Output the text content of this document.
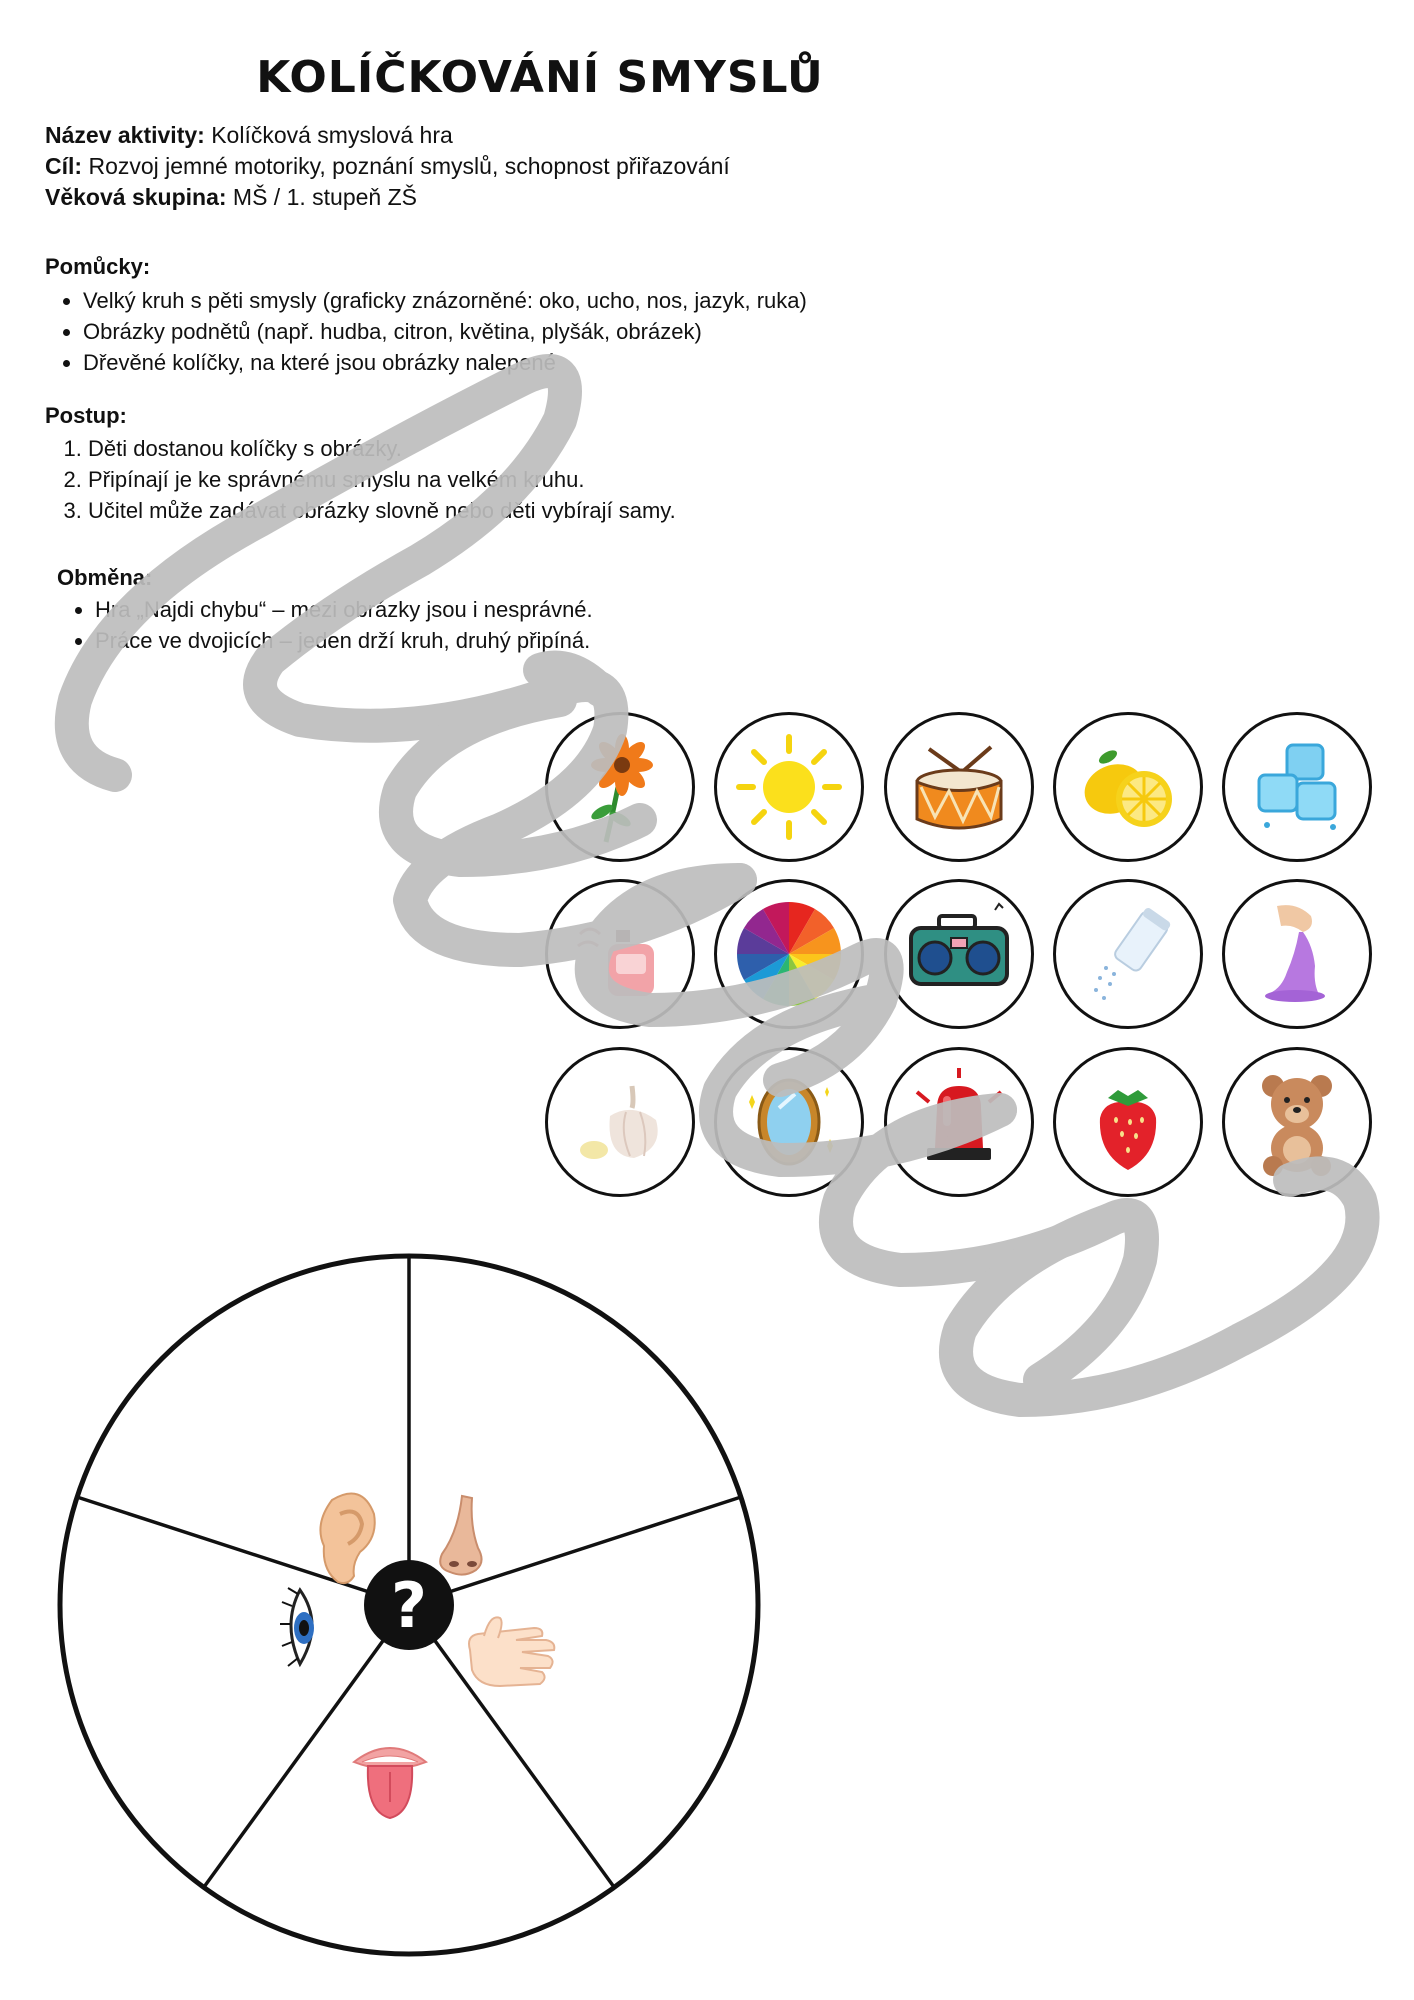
KOLÍČKOVÁNÍ SMYSLŮ
Název aktivity: Kolíčková smyslová hra
Cíl: Rozvoj jemné motoriky, poznání smyslů, schopnost přiřazování
Věková skupina: MŠ / 1. stupeň ZŠ
Pomůcky:
• Velký kruh s pěti smysly (graficky znázorněné: oko, ucho, nos, jazyk, ruka)
• Obrázky podnětů (např. hudba, citron, květina, plyšák, obrázek)
• Dřevěné kolíčky, na které jsou obrázky nalepené
Postup:
1. Děti dostanou kolíčky s obrázky.
2. Připínají je ke správnému smyslu na velkém kruhu.
3. Učitel může zadávat obrázky slovně nebo děti vybírají samy.
Obměna:
• Hra „Najdi chybu“ – mezi obrázky jsou i nesprávné.
• Práce ve dvojicích – jeden drží kruh, druhý připíná.
?
